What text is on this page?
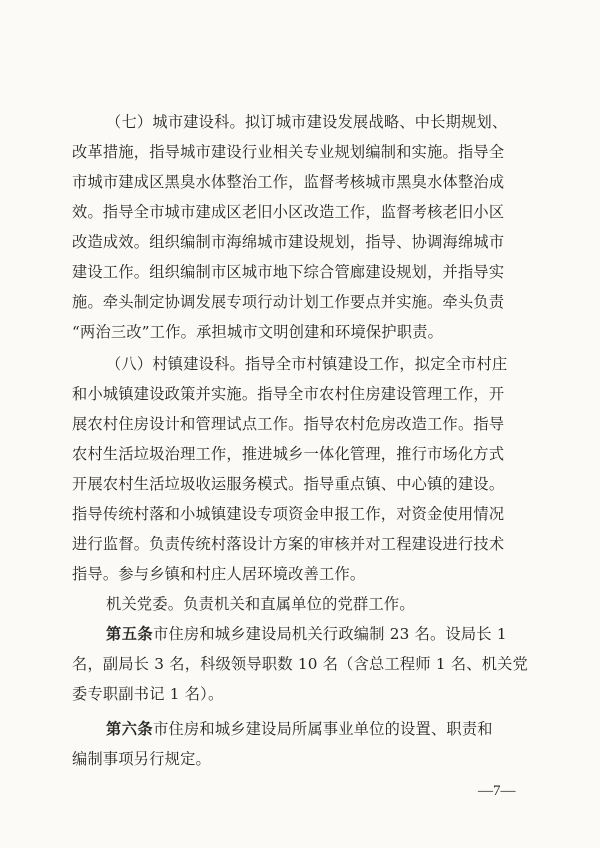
（七）城市建设科。拟订城市建设发展战略、中长期规划、
改革措施，指导城市建设行业相关专业规划编制和实施。指导全
市城市建成区黑臭水体整治工作，监督考核城市黑臭水体整治成
效。指导全市城市建成区老旧小区改造工作，监督考核老旧小区
改造成效。组织编制市海绵城市建设规划，指导、协调海绵城市
建设工作。组织编制市区城市地下综合管廊建设规划，并指导实
施。牵头制定协调发展专项行动计划工作要点并实施。牵头负责
“两治三改”工作。承担城市文明创建和环境保护职责。
（八）村镇建设科。指导全市村镇建设工作，拟定全市村庄
和小城镇建设政策并实施。指导全市农村住房建设管理工作，开
展农村住房设计和管理试点工作。指导农村危房改造工作。指导
农村生活垃圾治理工作，推进城乡一体化管理，推行市场化方式
开展农村生活垃圾收运服务模式。指导重点镇、中心镇的建设。
指导传统村落和小城镇建设专项资金申报工作，对资金使用情况
进行监督。负责传统村落设计方案的审核并对工程建设进行技术
指导。参与乡镇和村庄人居环境改善工作。
机关党委。负责机关和直属单位的党群工作。
第五条市住房和城乡建设局机关行政编制 23 名。设局长 1
名，副局长 3 名，科级领导职数 10 名（含总工程师 1 名、机关党
委专职副书记 1 名）。
第六条市住房和城乡建设局所属事业单位的设置、职责和
编制事项另行规定。
—7—
